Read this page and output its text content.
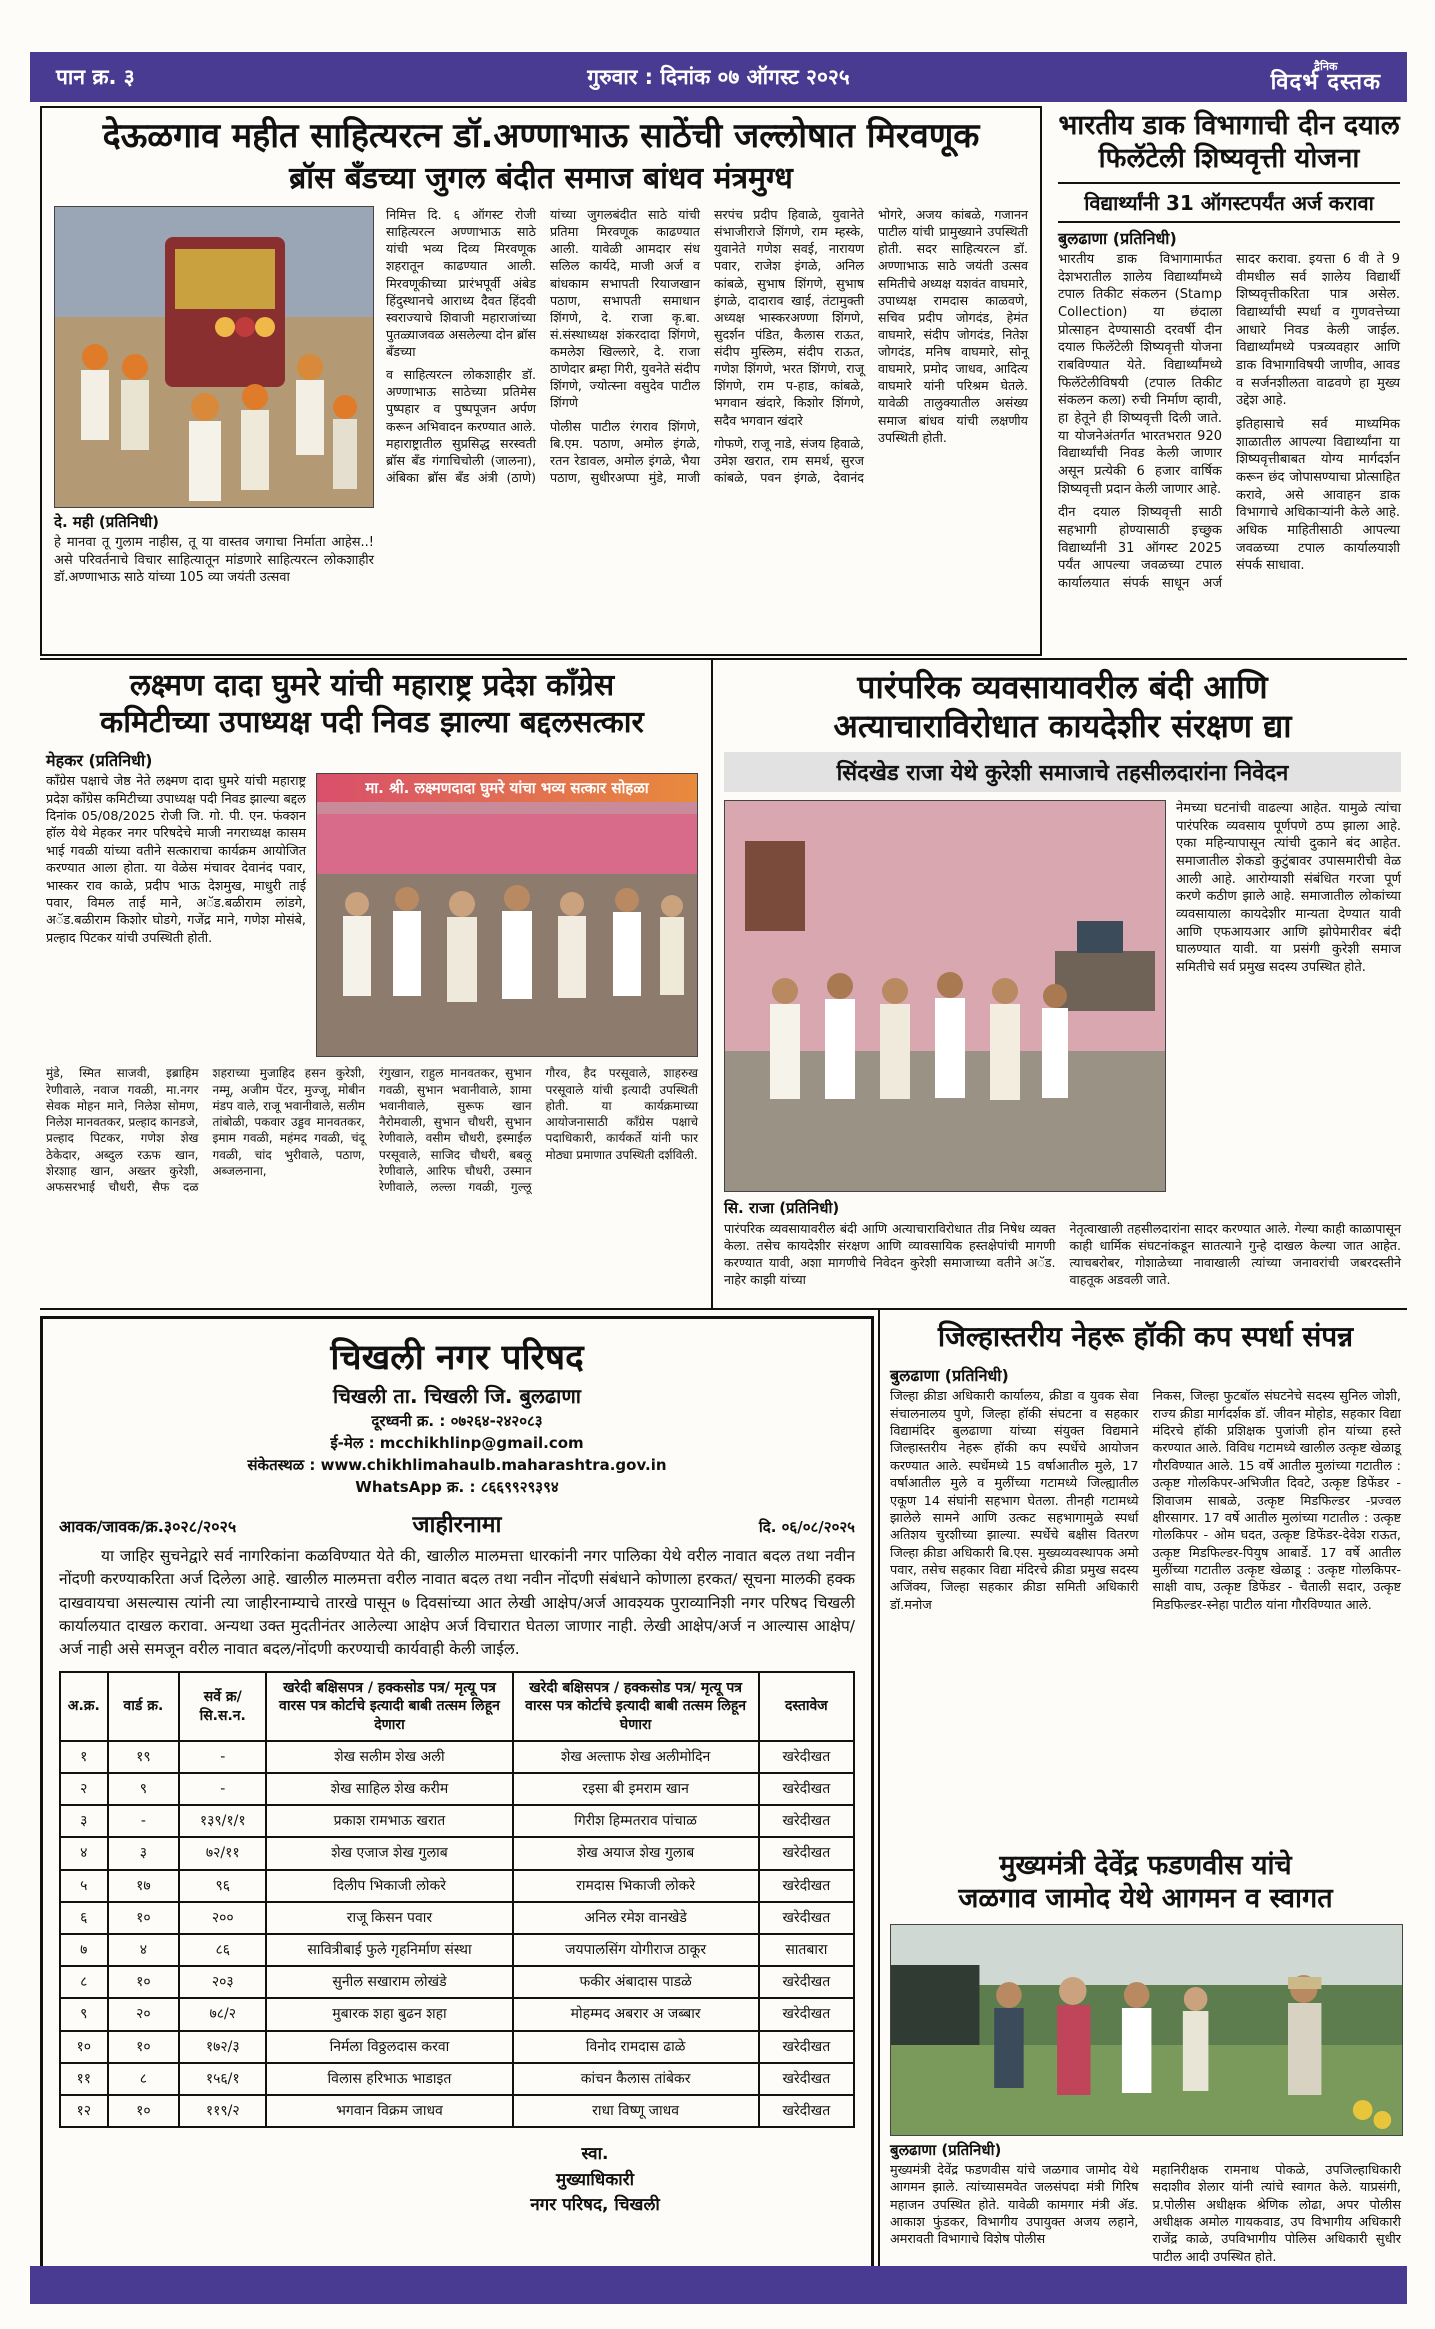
पान क्र. ३	गुरुवार : दिनांक ०७ ऑगस्ट २०२५	दैनिक
विदर्भ दस्तक
देऊळगाव महीत साहित्यरत्न डॉ.अण्णाभाऊ साठेंची जल्लोषात मिरवणूक
ब्रॉस बँडच्या जुगल बंदीत समाज बांधव मंत्रमुग्ध

दे. मही (प्रतिनिधी)

हे मानवा तू गुलाम नाहीस, तू या वास्तव जगाचा निर्माता आहेस..! असे परिवर्तनाचे विचार साहित्यातून मांडणारे साहित्यरत्न लोकशाहीर डॉ.अण्णाभाऊ साठे यांच्या 105 व्या जयंती उत्सवा

निमित्त दि. ६ ऑगस्ट रोजी साहित्यरत्न अण्णाभाऊ साठे यांची भव्य दिव्य मिरवणूक शहरातून काढण्यात आली. मिरवणूकीच्या प्रारंभपूर्वी अंबेड हिंदुस्थानचे आराध्य दैवत हिंदवी स्वराज्याचे शिवाजी महाराजांच्या पुतळ्याजवळ असलेल्या दोन ब्रॉस बँडच्या

व साहित्यरत्न लोकशाहीर डॉ. अण्णाभाऊ साठेच्या प्रतिमेस पुष्पहार व पुष्पपूजन अर्पण करून अभिवादन करण्यात आले. महाराष्ट्रातील सुप्रसिद्ध सरस्वती ब्रॉस बँड गंगाचिचोली (जालना), अंबिका ब्रॉस बँड अंत्री (ठाणे) यांच्या जुगलबंदीत साठे यांची प्रतिमा मिरवणूक काढण्यात आली. यावेळी आमदार संध सलिल कार्यदे, माजी अर्ज व बांधकाम सभापती रियाजखान पठाण, सभापती समाधान शिंगणे, दे. राजा कृ.बा. सं.संस्थाध्यक्ष शंकरदादा शिंगणे, कमलेश खिल्लारे, दे. राजा ठाणेदार ब्रम्हा गिरी, युवनेते संदीप शिंगणे, ज्योत्स्ना वसुदेव पाटील शिंगणे

पोलीस पाटील रंगराव शिंगणे, बि.एम. पठाण, अमोल इंगळे, रतन रेडावल, अमोल इंगळे, भैया पठाण, सुधीरअप्पा मुंडे, माजी सरपंच प्रदीप हिवाळे, युवानेते संभाजीराजे शिंगणे, राम म्हस्के, युवानेते गणेश सवई, नारायण पवार, राजेश इंगळे, अनिल कांबळे, सुभाष शिंगणे, सुभाष इंगळे, दादाराव खाई, तंटामुक्ती अध्यक्ष भास्करअण्णा शिंगणे, सुदर्शन पंडित, कैलास राऊत, संदीप मुस्लिम, संदीप राऊत, गणेश शिंगणे, भरत शिंगणे, राजू शिंगणे, राम प-हाड, कांबळे, भगवान खंदारे, किशोर शिंगणे, सदैव भगवान खंदारे

गोफणे, राजू नाडे, संजय हिवाळे, उमेश खरात, राम समर्थ, सुरज कांबळे, पवन इंगळे, देवानंद भोगरे, अजय कांबळे, गजानन पाटील यांची प्रामुख्याने उपस्थिती होती. सदर साहित्यरत्न डॉ. अण्णाभाऊ साठे जयंती उत्सव समितीचे अध्यक्ष यशवंत वाघमारे, उपाध्यक्ष रामदास काळवणे, सचिव प्रदीप जोगदंड, हेमंत वाघमारे, संदीप जोगदंड, नितेश जोगदंड, मनिष वाघमारे, सोनू वाघमारे, प्रमोद जाधव, आदित्य वाघमारे यांनी परिश्रम घेतले. यावेळी तालुक्यातील असंख्य समाज बांधव यांची लक्षणीय उपस्थिती होती.

भारतीय डाक विभागाची दीन दयाल फिलॅटेली शिष्यवृत्ती योजना
विद्यार्थ्यांनी 31 ऑगस्टपर्यंत अर्ज करावा

बुलढाणा (प्रतिनिधी)

भारतीय डाक विभागामार्फत देशभरातील शालेय विद्यार्थ्यांमध्ये टपाल तिकीट संकलन (Stamp Collection) या छंदाला प्रोत्साहन देण्यासाठी दरवर्षी दीन दयाल फिलॅटेली शिष्यवृत्ती योजना राबविण्यात येते. विद्यार्थ्यांमध्ये फिलॅटेलीविषयी (टपाल तिकीट संकलन कला) रुची निर्माण व्हावी, हा हेतूने ही शिष्यवृत्ती दिली जाते. या योजनेअंतर्गत भारतभरात 920 विद्यार्थ्यांची निवड केली जाणार असून प्रत्येकी 6 हजार वार्षिक शिष्यवृत्ती प्रदान केली जाणार आहे.

दीन दयाल शिष्यवृत्ती साठी सहभागी होण्यासाठी इच्छुक विद्यार्थ्यांनी 31 ऑगस्ट 2025 पर्यंत आपल्या जवळच्या टपाल कार्यालयात संपर्क साधून अर्ज सादर करावा. इयत्ता 6 वी ते 9 वीमधील सर्व शालेय विद्यार्थी शिष्यवृत्तीकरिता पात्र असेल. विद्यार्थ्यांची स्पर्धा व गुणवत्तेच्या आधारे निवड केली जाईल. विद्यार्थ्यांमध्ये पत्रव्यवहार आणि डाक विभागाविषयी जाणीव, आवड व सर्जनशीलता वाढवणे हा मुख्य उद्देश आहे.

इतिहासाचे सर्व माध्यमिक शाळातील आपल्या विद्यार्थ्यांना या शिष्यवृत्तीबाबत योग्य मार्गदर्शन करून छंद जोपासण्याचा प्रोत्साहित करावे, असे आवाहन डाक विभागाचे अधिकाऱ्यांनी केले आहे. अधिक माहितीसाठी आपल्या जवळच्या टपाल कार्यालयाशी संपर्क साधावा.

लक्ष्मण दादा घुमरे यांची महाराष्ट्र प्रदेश काँग्रेस
कमिटीच्या उपाध्यक्ष पदी निवड झाल्या बद्दलसत्कार

मेहकर (प्रतिनिधी)

काँग्रेस पक्षाचे जेष्ठ नेते लक्ष्मण दादा घुमरे यांची महाराष्ट्र प्रदेश काँग्रेस कमिटीच्या उपाध्यक्ष पदी निवड झाल्या बद्दल दिनांक 05/08/2025 रोजी जि. गो. पी. एन. फंक्शन हॉल येथे मेहकर नगर परिषदेचे माजी नगराध्यक्ष कासम भाई गवळी यांच्या वतीने सत्काराचा कार्यक्रम आयोजित करण्यात आला होता. या वेळेस मंचावर देवानंद पवार, भास्कर राव काळे, प्रदीप भाऊ देशमुख, माधुरी ताई पवार, विमल ताई माने, अॅड.बळीराम लांडगे, अॅड.बळीराम किशोर घोडगे, गजेंद्र माने, गणेश मोसंबे, प्रल्हाद पिटकर यांची उपस्थिती होती.

मा. श्री. लक्ष्मणदादा घुमरे यांचा भव्य सत्कार सोहळा

मुंडे, स्मित साजवी, इब्राहिम रेणीवाले, नवाज गवळी, मा.नगर सेवक मोहन माने, निलेश सोमण, निलेश मानवतकर, प्रल्हाद कानडजे, प्रल्हाद पिटकर, गणेश शेख ठेकेदार, अब्दुल रऊफ खान, शेरशाह खान, अख्तर कुरेशी, अफसरभाई चौधरी, सैफ दळ शहराच्या मुजाहिद हसन कुरेशी, नम्मू, अजीम पेंटर, मुज्जू, मोबीन मंडप वाले, राजू भवानीवाले, सलीम तांबोळी, पकवार उड्डव मानवतकर, इमाम गवळी, महंमद गवळी, चंदू गवळी, चांद भुरीवाले, पठाण, अब्जलनाना,

रंगुखान, राहुल मानवतकर, सुभान गवळी, सुभान भवानीवाले, शामा भवानीवाले, सुरूफ खान नैरोमवाली, सुभान चौधरी, सुभान रेणीवाले, वसीम चौधरी, इस्माईल परसूवाले, साजिद चौधरी, बबलू रेणीवाले, आरिफ चौधरी, उस्मान रेणीवाले, लल्ला गवळी, गुल्लू गौरव, हैद परसूवाले, शाहरुख परसूवाले यांची इत्यादी उपस्थिती होती. या कार्यक्रमाच्या आयोजनासाठी काँग्रेस पक्षाचे पदाधिकारी, कार्यकर्ते यांनी फार मोठ्या प्रमाणात उपस्थिती दर्शविली.

पारंपरिक व्यवसायावरील बंदी आणि
अत्याचाराविरोधात कायदेशीर संरक्षण द्या
सिंदखेड राजा येथे कुरेशी समाजाचे तहसीलदारांना निवेदन

नेमच्या घटनांची वाढल्या आहेत. यामुळे त्यांचा पारंपरिक व्यवसाय पूर्णपणे ठप्प झाला आहे. एका महिन्यापासून त्यांची दुकाने बंद आहेत. समाजातील शेकडो कुटुंबावर उपासमारीची वेळ आली आहे. आरोग्याशी संबंधित गरजा पूर्ण करणे कठीण झाले आहे. समाजातील लोकांच्या व्यवसायाला कायदेशीर मान्यता देण्यात यावी आणि एफआयआर आणि झोपेमारीवर बंदी घालण्यात यावी. या प्रसंगी कुरेशी समाज समितीचे सर्व प्रमुख सदस्य उपस्थित होते.

सि. राजा (प्रतिनिधी)

पारंपरिक व्यवसायावरील बंदी आणि अत्याचाराविरोधात तीव्र निषेध व्यक्त केला. तसेच कायदेशीर संरक्षण आणि व्यावसायिक हस्तक्षेपांची मागणी करण्यात यावी, अशा मागणीचे निवेदन कुरेशी समाजाच्या वतीने अॅड. नाहेर काझी यांच्या

नेतृत्वाखाली तहसीलदारांना सादर करण्यात आले. गेल्या काही काळापासून काही धार्मिक संघटनांकडून सातत्याने गुन्हे दाखल केल्या जात आहेत. त्याचबरोबर, गोशाळेच्या नावाखाली त्यांच्या जनावरांची जबरदस्तीने वाहतूक अडवली जाते.

चिखली नगर परिषद
चिखली ता. चिखली जि. बुलढाणा
दूरध्वनी क्र. : ०७२६४-२४२०८३
ई-मेल : mcchikhlinp@gmail.com
संकेतस्थळ : www.chikhlimahaulb.maharashtra.gov.in
WhatsApp क्र. : ८६६९९२९३९४
आवक/जावक/क्र.३०२८/२०२५	जाहीरनामा	दि. ०६/०८/२०२५

या जाहिर सुचनेद्वारे सर्व नागरिकांना कळविण्यात येते की, खालील मालमत्ता धारकांनी नगर पालिका येथे वरील नावात बदल तथा नवीन नोंदणी करण्याकरिता अर्ज दिलेला आहे. खालील मालमत्ता वरील नावात बदल तथा नवीन नोंदणी संबंधाने कोणाला हरकत/ सूचना मालकी हक्क दाखवायचा असल्यास त्यांनी त्या जाहीरनाम्याचे तारखे पासून ७ दिवसांच्या आत लेखी आक्षेप/अर्ज आवश्यक पुराव्यानिशी नगर परिषद चिखली कार्यालयात दाखल करावा. अन्यथा उक्त मुदतीनंतर आलेल्या आक्षेप अर्ज विचारात घेतला जाणार नाही. लेखी आक्षेप/अर्ज न आल्यास आक्षेप/अर्ज नाही असे समजून वरील नावात बदल/नोंदणी करण्याची कार्यवाही केली जाईल.

अ.क्र.	वार्ड क्र.	सर्वे क्र/ सि.स.न.	खरेदी बक्षिसपत्र / हक्कसोड पत्र/ मृत्यू पत्र वारस पत्र कोर्टाचे इत्यादी बाबी तत्सम लिहून देणारा	खरेदी बक्षिसपत्र / हक्कसोड पत्र/ मृत्यू पत्र वारस पत्र कोर्टाचे इत्यादी बाबी तत्सम लिहून घेणारा	दस्तावेज
१	१९	-	शेख सलीम शेख अली	शेख अल्ताफ शेख अलीमोदिन	खरेदीखत
२	९	-	शेख साहिल शेख करीम	रइसा बी इमराम खान	खरेदीखत
३	-	१३९/१/१	प्रकाश रामभाऊ खरात	गिरीश हिम्मतराव पांचाळ	खरेदीखत
४	३	७२/११	शेख एजाज शेख गुलाब	शेख अयाज शेख गुलाब	खरेदीखत
५	१७	९६	दिलीप भिकाजी लोकरे	रामदास भिकाजी लोकरे	खरेदीखत
६	१०	२००	राजू किसन पवार	अनिल रमेश वानखेडे	खरेदीखत
७	४	८६	सावित्रीबाई फुले गृहनिर्माण संस्था	जयपालसिंग योगीराज ठाकूर	सातबारा
८	१०	२०३	सुनील सखाराम लोखंडे	फकीर अंबादास पाडळे	खरेदीखत
९	२०	७८/२	मुबारक शहा बुढन शहा	मोहम्मद अबरार अ जब्बार	खरेदीखत
१०	१०	१७२/३	निर्मला विठ्ठलदास करवा	विनोद रामदास ढाळे	खरेदीखत
११	८	१५६/१	विलास हरिभाऊ भाडाइत	कांचन कैलास तांबेकर	खरेदीखत
१२	१०	११९/२	भगवान विक्रम जाधव	राधा विष्णू जाधव	खरेदीखत
स्वा.
मुख्याधिकारी
नगर परिषद, चिखली
जिल्हास्तरीय नेहरू हॉकी कप स्पर्धा संपन्न

बुलढाणा (प्रतिनिधी)

जिल्हा क्रीडा अधिकारी कार्यालय, क्रीडा व युवक सेवा संचालनालय पुणे, जिल्हा हॉकी संघटना व सहकार विद्यामंदिर बुलढाणा यांच्या संयुक्त विद्यमाने जिल्हास्तरीय नेहरू हॉकी कप स्पर्धेचे आयोजन करण्यात आले. स्पर्धेमध्ये 15 वर्षाआतील मुले, 17 वर्षाआतील मुले व मुलींच्या गटामध्ये जिल्ह्यातील एकूण 14 संघांनी सहभाग घेतला. तीनही गटामध्ये झालेले सामने आणि उत्कट सहभागामुळे स्पर्धा अतिशय चुरशीच्या झाल्या. स्पर्धेचे बक्षीस वितरण जिल्हा क्रीडा अधिकारी बि.एस. मुख्यव्यवस्थापक अमो पवार, तसेच सहकार विद्या मंदिरचे क्रीडा प्रमुख सदस्य अजिंक्य, जिल्हा सहकार क्रीडा समिती अधिकारी डॉ.मनोज

निकस, जिल्हा फुटबॉल संघटनेचे सदस्य सुनिल जोशी, राज्य क्रीडा मार्गदर्शक डॉ. जीवन मोहोड, सहकार विद्या मंदिरचे हॉकी प्रशिक्षक पुजांजी होन यांच्या हस्ते करण्यात आले. विविध गटामध्ये खालील उत्कृष्ट खेळाडू गौरविण्यात आले. 15 वर्षे आतील मुलांच्या गटातील : उत्कृष्ट गोलकिपर-अभिजीत दिवटे, उत्कृष्ट डिफेंडर - शिवाजम साबळे, उत्कृष्ट मिडफिल्डर -प्रज्वल क्षीरसागर. 17 वर्षे आतील मुलांच्या गटातील : उत्कृष्ट गोलकिपर - ओम घदत, उत्कृष्ट डिफेंडर-देवेश राऊत, उत्कृष्ट मिडफिल्डर-पियुष आबार्डे. 17 वर्षे आतील मुलींच्या गटातील उत्कृष्ट खेळाडू : उत्कृष्ट गोलकिपर-साक्षी वाघ, उत्कृष्ट डिफेंडर - चैताली सदार, उत्कृष्ट मिडफिल्डर-स्नेहा पाटील यांना गौरविण्यात आले.

मुख्यमंत्री देवेंद्र फडणवीस यांचे
जळगाव जामोद येथे आगमन व स्वागत

बुलढाणा (प्रतिनिधी)

मुख्यमंत्री देवेंद्र फडणवीस यांचे जळगाव जामोद येथे आगमन झाले. त्यांच्यासमवेत जलसंपदा मंत्री गिरिष महाजन उपस्थित होते. यावेळी कामगार मंत्री ॲड. आकाश फुंडकर, विभागीय उपायुक्त अजय लहाने, अमरावती विभागाचे विशेष पोलीस

महानिरीक्षक रामनाथ पोकळे, उपजिल्हाधिकारी सदाशीव शेलार यांनी त्यांचे स्वागत केले. याप्रसंगी, प्र.पोलीस अधीक्षक श्रेणिक लोढा, अपर पोलीस अधीक्षक अमोल गायकवाड, उप विभागीय अधिकारी राजेंद्र काळे, उपविभागीय पोलिस अधिकारी सुधीर पाटील आदी उपस्थित होते.
